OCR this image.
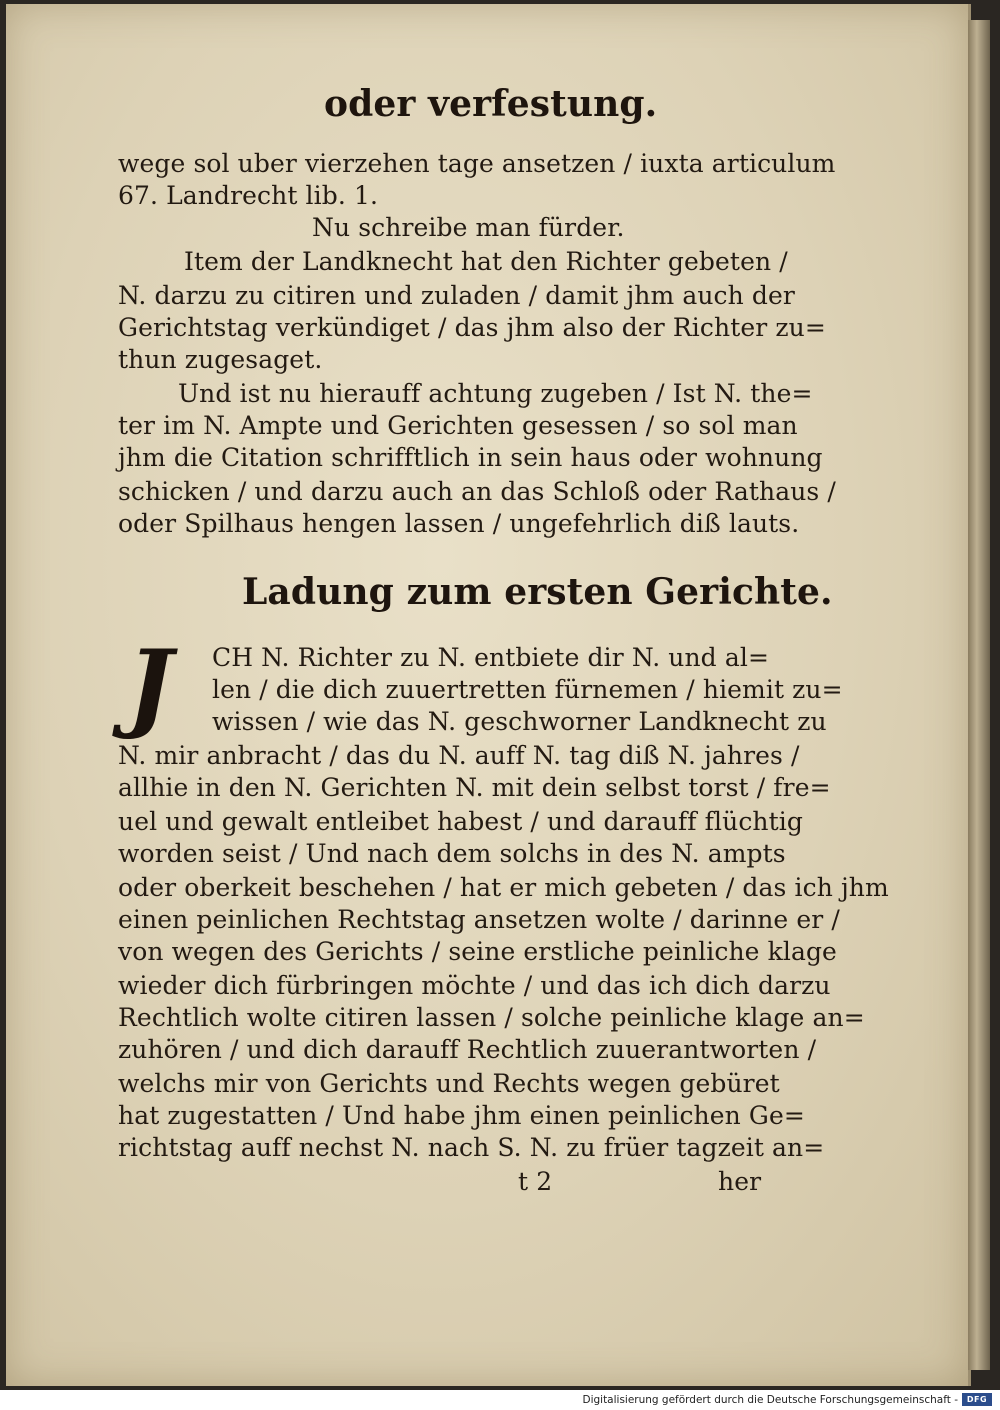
oder verfestung.
wege sol uber vierzehen tage ansetzen / iuxta articulum
67. Landrecht lib. 1.
Nu schreibe man fürder.
Item der Landknecht hat den Richter gebeten /
N. darzu zu citiren und zuladen / damit jhm auch der
Gerichtstag verkündiget / das jhm also der Richter zu=
thun zugesaget.
Und ist nu hierauff achtung zugeben / Ist N. the=
ter im N. Ampte und Gerichten gesessen / so sol man
jhm die Citation schrifftlich in sein haus oder wohnung
schicken / und darzu auch an das Schloß oder Rathaus /
oder Spilhaus hengen lassen / ungefehrlich diß lauts.
Ladung zum ersten Gerichte.
J	CH N. Richter zu N. entbiete dir N. und al=
len / die dich zuuertretten fürnemen / hiemit zu=
wissen / wie das N. geschworner Landknecht zu
N. mir anbracht / das du N. auff N. tag diß N. jahres /
allhie in den N. Gerichten N. mit dein selbst torst / fre=
uel und gewalt entleibet habest / und darauff flüchtig
worden seist / Und nach dem solchs in des N. ampts
oder oberkeit beschehen / hat er mich gebeten / das ich jhm
einen peinlichen Rechtstag ansetzen wolte / darinne er /
von wegen des Gerichts / seine erstliche peinliche klage
wieder dich fürbringen möchte / und das ich dich darzu
Rechtlich wolte citiren lassen / solche peinliche klage an=
zuhören / und dich darauff Rechtlich zuuerantworten /
welchs mir von Gerichts und Rechts wegen gebüret
hat zugestatten / Und habe jhm einen peinlichen Ge=
richtstag auff nechst N. nach S. N. zu früer tagzeit an=
t 2	her
Digitalisierung gefördert durch die Deutsche Forschungsgemeinschaft -	DFG
